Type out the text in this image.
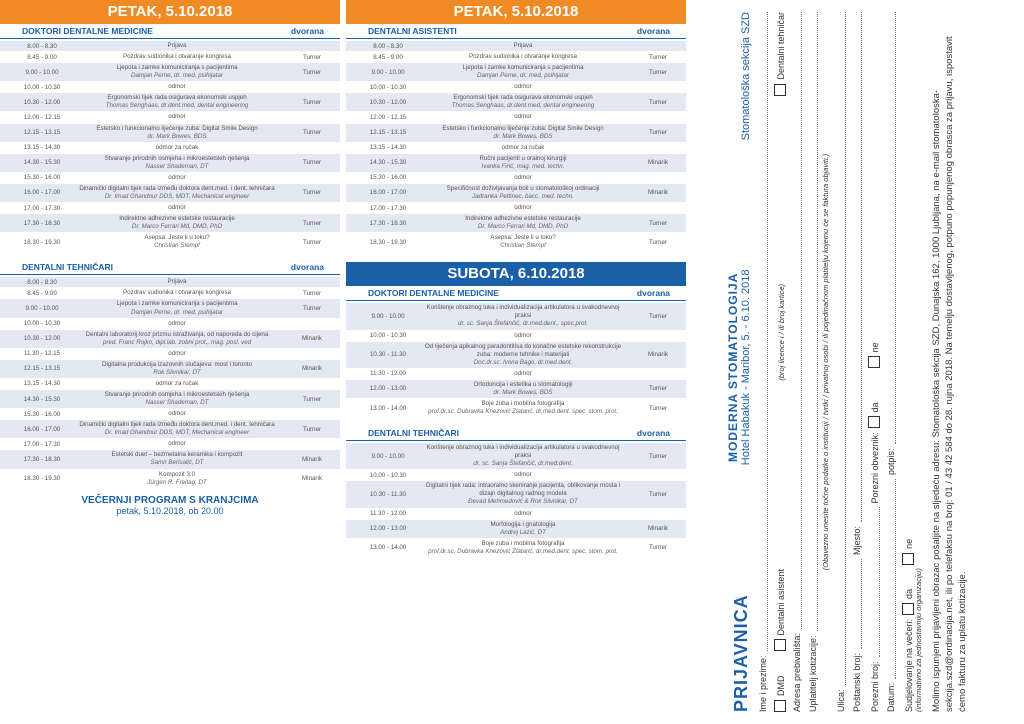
PETAK, 5.10.2018
DOKTORI DENTALNE MEDICINE	dvorana
8.00 - 8.30	Prijava	
8.45 - 9.00	Pozdrav sudionika i otvaranje kongresa	Turner
9.00 - 10.00	Ljepota i zamke komuniciranja s pacijentima
Damjan Perne, dr. med, psihijatar	Turner
10.00 - 10.30	odmor	
10.30 - 12.00	Ergonomski tijek rada osigurava ekonomski uspjeh
Thomas Senghaas, dr.dent.med, dental engineering	Turner
12.00 - 12.15	odmor	
12.15 - 13.15	Estetsko i funkcionalno liječenje zuba: Digital Smile Design
dr. Mark Bowes, BDS	Turner
13.15 - 14.30	odmor za ručak	
14.30 - 15.30	Stvaranje prirodnih osmjeha i mikroestetskih rješenja
Nasser Shademan, DT	Turner
15.30 - 16.00	odmor	
16.00 - 17.00	Dinamički digitalni tijek rada između doktora dent.med. i dent. tehničara
Dr. Imad Ghandour DDS, MDT, Mechanical engineer	Turner
17.00 - 17.30	odmor	
17.30 - 18.30	Indirektne adhezivne estetske restauracije
Dr. Marco Ferrari Md, DMD, PhD	Turner
18.30 - 19.30	Asepsa: Jeste li u toku?
Christian Stempf	Turner
DENTALNI TEHNIČARI	dvorana
8.00 - 8.30	Prijava	
8.45 - 9.00	Pozdrav sudionika i otvaranje kongresa	Turner
9.00 - 10.00	Ljepota i zamke komuniciranja s pacijentima
Damjan Perne, dr. med, psihijatar	Turner
10.00 - 10.30	odmor	
10.30 - 12.00	Dentalni laboratorij kroz prizmu istraživanja, od naporeda do cijena
pred. Franc Rojko, dipl.lab. zobni prot., mag. posl. ved	Minarik
11.30 - 12.15	odmor	
12.15 - 13.15	Digitalna produkcija izazovnih slučajeva: most i toronto
Rok Slivnikar, DT	Minarik
13.15 - 14.30	odmor za ručak	
14.30 - 15.30	Stvaranje prirodnih osmjeha i mikroestetskih rješenja
Nasser Shademan, DT	Turner
15.30 - 16.00	odmor	
16.00 - 17.00	Dinamički digitalni tijek rada između doktora dent.med. i dent. tehničara
Dr. Imad Ghandour DDS, MDT, Mechanical engineer	Turner
17.00 - 17.30	odmor	
17.30 - 18.30	Estetski duet – bezmetalna keramika i kompozit
Samir Berisalić, DT	Minarik
18.30 - 19.30	Kompozit 3.0
Jürgen R. Freitag, DT	Minarik
VEČERNJI PROGRAM S KRANJCIMA
petak, 5.10.2018, ob 20.00
PETAK, 5.10.2018
DENTALNI ASISTENTI	dvorana
8.00 - 8.30	Prijava	
8.45 - 9.00	Pozdrav sudionika i otvaranje kongresa	Turner
9.00 - 10.00	Ljepota i zamke komuniciranja s pacijentima
Damjan Perne, dr. med, psihijatar	Turner
10.00 - 10.30	odmor	
10.30 - 12.00	Ergonomski tijek rada osigurava ekonomski uspjeh
Thomas Senghaas, dr.dent.med, dental engineering	Turner
12.00 - 12.15	odmor	
12.15 - 13.15	Estetsko i funkcionalno liječenje zuba: Digital Smile Design
dr. Mark Bowes, BDS	Turner
13.15 - 14.30	odmor za ručak	
14.30 - 15.30	Ručni pacijenti u oralnoj kirurgiji
Ivanka Firić, mag. med. techn.	Minarik
15.30 - 16.00	odmor	
16.00 - 17.00	Specifičnost doživljavanja boli u stomatološkoj ordinaciji
Jadranka Pettinec, bacc. med. techn.	Minarik
17.00 - 17.30	odmor	
17.30 - 18.30	Indirektne adhezivne estetske restauracije
Dr. Marco Ferrari Md, DMD, PhD	Turner
18.30 - 19.30	Asepsa: Jeste li u toku?
Christian Stempf	Turner
SUBOTA, 6.10.2018
DOKTORI DENTALNE MEDICINE	dvorana
9.00 - 10.00	Korištenje obraznog luka i individualizacija artikulatora u svakodnevnoj praksi
dr. sc. Sanja Štefančić, dr.med.dent., spec.prot.	Turner
10.00 - 10.30	odmor	
10.30 - 11.30	Od liječenja apikalnog paradontitisa do konačne estetske rekonstrukcije zuba: moderne tehnike i materijali
Doc.dr.sc. Ivona Bago, dr.med.dent.	Minarik
11.30 - 12.00	odmor	
12.00 - 13.00	Ortodoncija i estetika u stomatologiji
dr. Mark Bowes, BDS	Turner
13.00 - 14.00	Boje zuba i mobilna fotografija
prof.dr.sc. Dubravka Knezović Zlatarić, dr.med.dent. spec. stom. prot.	Turner
DENTALNI TEHNIČARI	dvorana
9.00 - 10.00	Korištenje obraznog luka i individualizacija artikulatora u svakodnevnoj praksi
dr. sc. Sanja Štefančić, dr.med.dent.	Turner
10.00 - 10.30	odmor	
10.30 - 11.30	Digitalni tijek rada: intraoralno skeniranje pacijenta, oblikovanje mosta i dizajn digitalnog radnog modela
Đevad Mehmedović & Rok Slivnikar, DT	Turner
11.30 - 12.00	odmor	
12.00 - 13.00	Morfologija i gnatologija
Andrej Lazić, DT	Minarik
13.00 - 14.00	Boje zuba i mobilna fotografija
prof.dr.sc. Dubravka Knezović Zlatarić, dr.med.dent. spec. stom. prot.	Turner
PRIJAVNICA
MODERNA STOMATOLOGIJA Hotel Habakuk - Maribor, 5. - 6.10. 2018
Stomatološka sekcija SZD
Ime i prezime: DMD
Dentalni asistent
(broj licence i / ili broj kartice)
Dentalni tehničar
Adresa prebivališta: Uplatitelj kotizacije:
(Obavezno unesite točne podatke o instituciji / tvrtki / privatnoj osobi / ili pojedinačnom platitelju kojemu će se faktura objaviti.)
Ulica: Poštanski broj:
Mjesto:
Porezni broj:
Porezni obveznik:
da
ne
Datum:
potpis:
Sudjelovanje na večeri:
da
ne
(informativno za jednostavniju organizaciju) Molimo ispunjeni prijavljeni obrazac pošaljite na sljedeću adresu: Stomatološka sekcija SZD, Dunajska 162, 1000 Ljubljana, na e-mail stomatoloska-sekcija.szd@ordinacija.net, ili po telefaksu na broj: 01 / 43 42 584 do 28. rujna 2018. Na temelju dostavljenog, potpuno popunjenog obrasca za prijavu, ispostavit ćemo fakturu za uplatu kotizacije.
